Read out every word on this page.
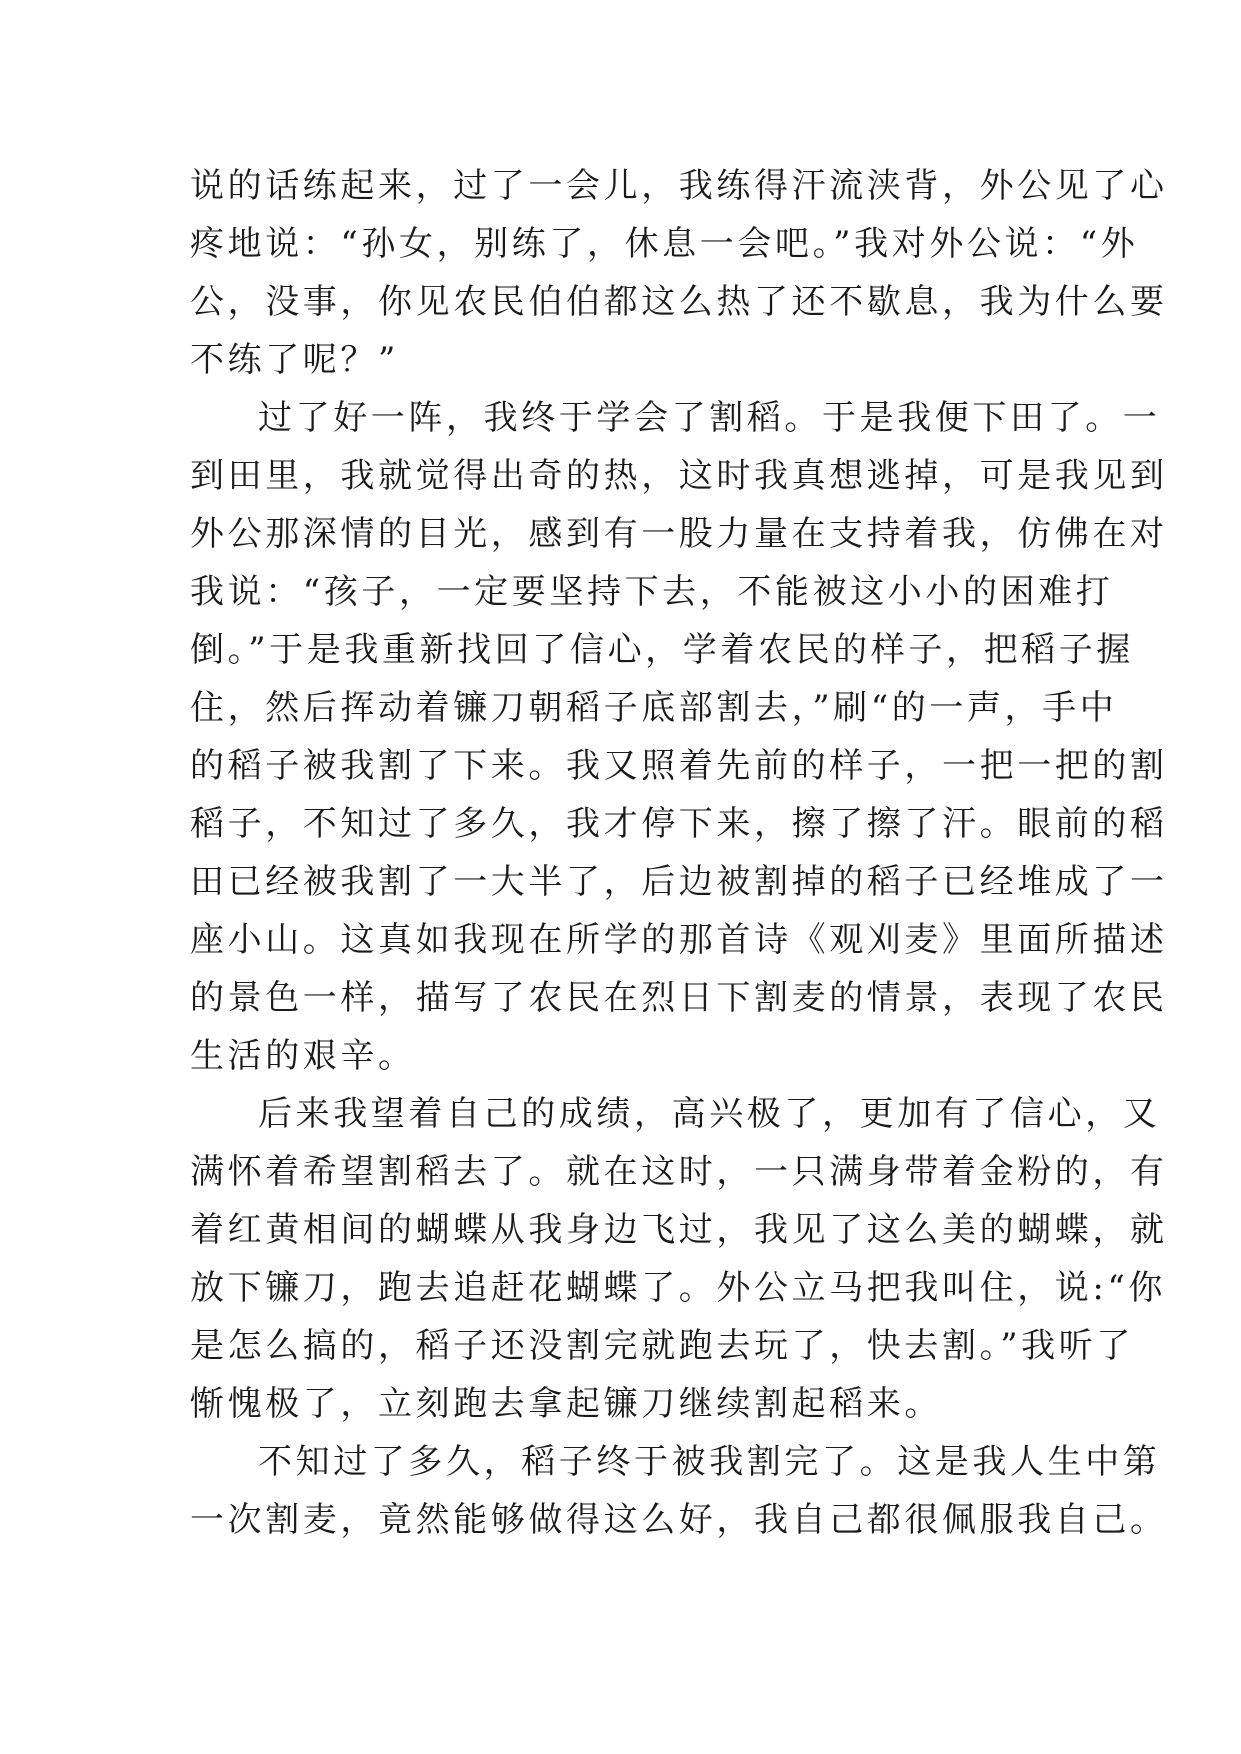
说的话练起来，过了一会儿，我练得汗流浃背，外公见了心
疼地说：“孙女，别练了，休息一会吧。”我对外公说：“外
公，没事，你见农民伯伯都这么热了还不歇息，我为什么要
不练了呢？”
过了好一阵，我终于学会了割稻。于是我便下田了。一
到田里，我就觉得出奇的热，这时我真想逃掉，可是我见到
外公那深情的目光，感到有一股力量在支持着我，仿佛在对
我说：“孩子，一定要坚持下去，不能被这小小的困难打
倒。”于是我重新找回了信心，学着农民的样子，把稻子握
住，然后挥动着镰刀朝稻子底部割去，”刷“的一声，手中
的稻子被我割了下来。我又照着先前的样子，一把一把的割
稻子，不知过了多久，我才停下来，擦了擦了汗。眼前的稻
田已经被我割了一大半了，后边被割掉的稻子已经堆成了一
座小山。这真如我现在所学的那首诗《观刈麦》里面所描述
的景色一样，描写了农民在烈日下割麦的情景，表现了农民
生活的艰辛。
后来我望着自己的成绩，高兴极了，更加有了信心，又
满怀着希望割稻去了。就在这时，一只满身带着金粉的，有
着红黄相间的蝴蝶从我身边飞过，我见了这么美的蝴蝶，就
放下镰刀，跑去追赶花蝴蝶了。外公立马把我叫住，说:“你
是怎么搞的，稻子还没割完就跑去玩了，快去割。”我听了
惭愧极了，立刻跑去拿起镰刀继续割起稻来。
不知过了多久，稻子终于被我割完了。这是我人生中第
一次割麦，竟然能够做得这么好，我自己都很佩服我自己。
